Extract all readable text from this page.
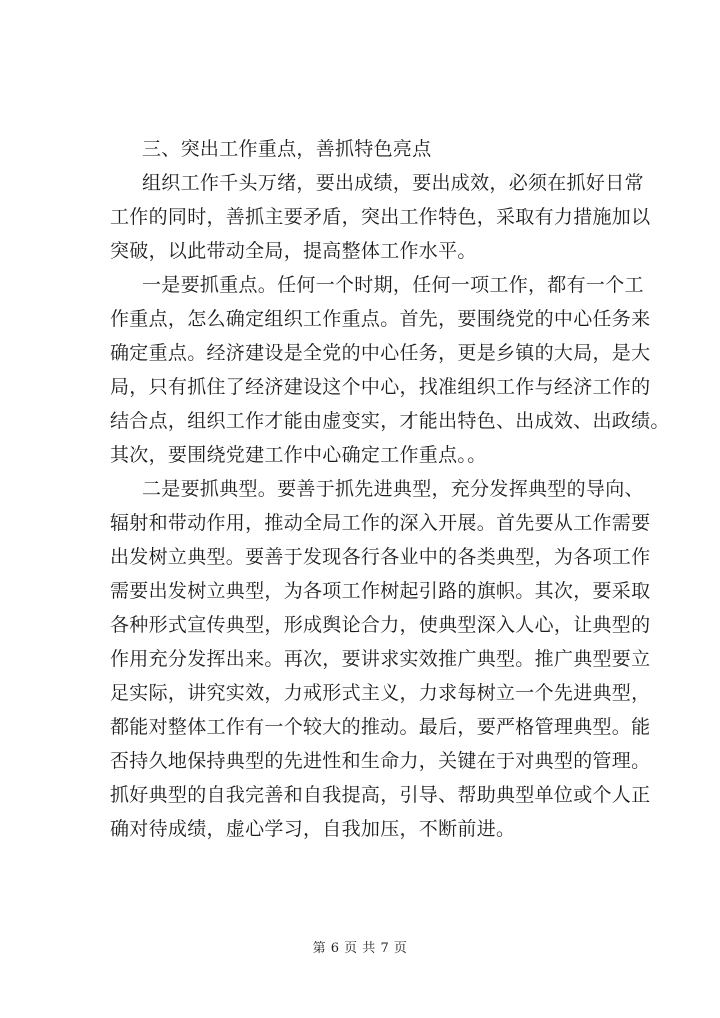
三、突出工作重点，善抓特色亮点
组织工作千头万绪，要出成绩，要出成效，必须在抓好日常
工作的同时，善抓主要矛盾，突出工作特色，采取有力措施加以
突破，以此带动全局，提高整体工作水平。
一是要抓重点。任何一个时期，任何一项工作，都有一个工
作重点，怎么确定组织工作重点。首先，要围绕党的中心任务来
确定重点。经济建设是全党的中心任务，更是乡镇的大局，是大
局，只有抓住了经济建设这个中心，找准组织工作与经济工作的
结合点，组织工作才能由虚变实，才能出特色、出成效、出政绩。
其次，要围绕党建工作中心确定工作重点。。
二是要抓典型。要善于抓先进典型，充分发挥典型的导向、
辐射和带动作用，推动全局工作的深入开展。首先要从工作需要
出发树立典型。要善于发现各行各业中的各类典型，为各项工作
需要出发树立典型，为各项工作树起引路的旗帜。其次，要采取
各种形式宣传典型，形成舆论合力，使典型深入人心，让典型的
作用充分发挥出来。再次，要讲求实效推广典型。推广典型要立
足实际，讲究实效，力戒形式主义，力求每树立一个先进典型，
都能对整体工作有一个较大的推动。最后，要严格管理典型。能
否持久地保持典型的先进性和生命力，关键在于对典型的管理。
抓好典型的自我完善和自我提高，引导、帮助典型单位或个人正
确对待成绩，虚心学习，自我加压，不断前进。
第 6 页 共 7 页
